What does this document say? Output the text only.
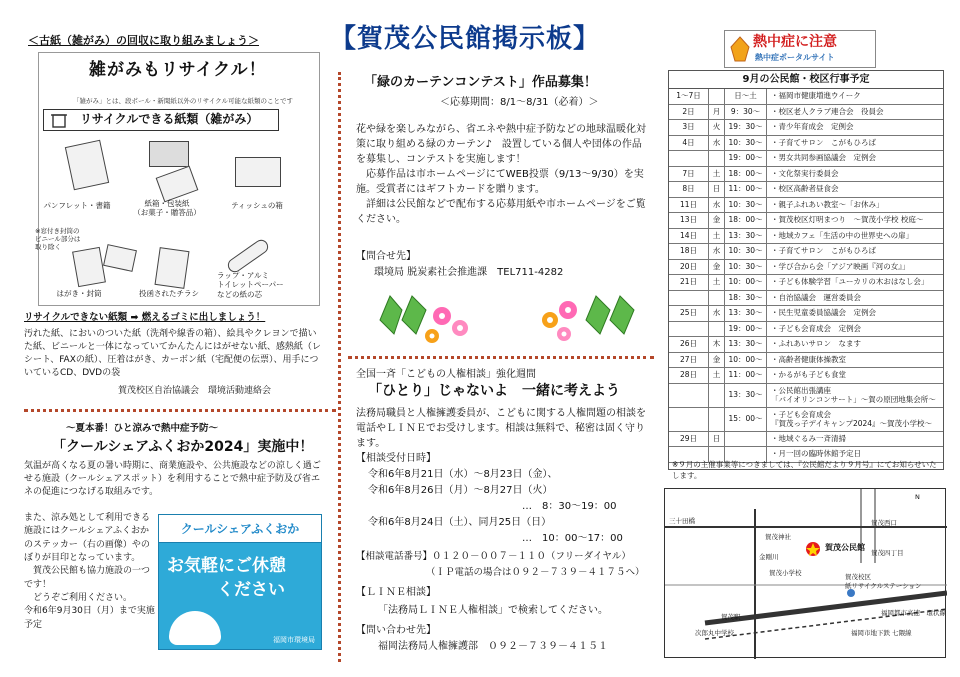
＜古紙（雑がみ）の回収に取り組みましょう＞
雑がみもリサイクル！
「雑がみ」とは、段ボール・新聞紙以外のリサイクル可能な紙類のことです
リサイクルできる紙類（雑がみ）
パンフレット・書籍	紙箱・包装紙
（お菓子・贈答品）
ティッシュの箱
※窓付き封筒の
ビニール部分は
取り除く
はがき・封筒	投函されたチラシ
ラップ・アルミ
トイレットペーパー
などの紙の芯
リサイクルできない紙類 ➡ 燃えるゴミに出しましょう！
汚れた紙、においのついた紙（洗剤や線香の箱）、絵具やクレヨンで描いた紙、ビニールと一体になっていてかんたんにはがせない紙、感熱紙（レシート、FAXの紙）、圧着はがき、カーボン紙（宅配便の伝票）、用手についているCD、DVDの袋
賀茂校区自治協議会　環境活動連絡会
～夏本番！ひと涼みで熱中症予防～
「クールシェアふくおか2024」実施中！
気温が高くなる夏の暑い時期に、商業施設や、公共施設などの涼しく過ごせる施設（クールシェアスポット）を利用することで熱中症予防及び省エネの促進につなげる取組みです。
また、涼み処として利用できる施設にはクールシェアふくおかのステッカー（右の画像）やのぼりが目印となっています。
　賀茂公民館も協力施設の一つです！
　どうぞご利用ください。
令和6年9月30日（月）まで実施予定
クールシェアふくおか
お気軽にご休憩
ください
福岡市環境局
【賀茂公民館掲示板】
「緑のカーテンコンテスト」作品募集！
＜応募期間：8/1～8/31（必着）＞
花や緑を楽しみながら、省エネや熱中症予防などの地球温暖化対策に取り組める緑のカーテン♪　設置している個人や団体の作品を募集し、コンテストを実施します！
　応募作品は市ホームページにてWEB投票（9/13～9/30）を実施。受賞者にはギフトカードを贈ります。
　詳細は公民館などで配布する応募用紙や市ホームページをご覧ください。
【問合せ先】
環境局 脱炭素社会推進課　TEL711-4282
全国一斉「こどもの人権相談」強化週間
「ひとり」じゃないよ　一緒に考えよう
法務局職員と人権擁護委員が、こどもに関する人権問題の相談を電話やＬＩＮＥでお受けします。相談は無料で、秘密は固く守ります。
【相談受付日時】
令和6年8月21日（水）～8月23日（金）、
令和6年8月26日（月）～8月27日（火）
…　8：30～19：00
令和6年8月24日（土）、同月25日（日）
…　10：00～17：00
【相談電話番号】０１２０－００７－１１０（フリーダイヤル）
（ＩＰ電話の場合は０９２－７３９－４１７５へ）
【ＬＩＮＥ相談】
「法務局ＬＩＮＥ人権相談」で検索してください。
【問い合わせ先】
福岡法務局人権擁護部　０９２－７３９－４１５１
熱中症に注意
熱中症ポータルサイト
9月の公民館・校区行事予定
1～7日	日～土	・福岡市健康増進ウイーク
2日	月	9：30～	・校区老人クラブ連合会　役員会
3日	火	19：30～	・青少年育成会　定例会
4日	水	10：30～	・子育てサロン　こがもひろば
19：00～	・男女共同参画協議会　定例会
7日	土	18：00～	・文化祭実行委員会
8日	日	11：00～	・校区高齢者昼食会
11日	水	10：30～	・親子ふれあい教室～「お休み」
13日	金	18：00～	・賀茂校区灯明まつり　～賀茂小学校 校庭～
14日	土	13：30～	・地域カフェ「生活の中の世界史への扉」
18日	水	10：30～	・子育てサロン　こがもひろば
20日	金	10：30～	・学び合から会「アジア映画『河の女』」
21日	土	10：00～	・子ども体験学習「ユーカリの木おはなし会」
18：30～	・自治協議会　運営委員会
25日	水	13：30～	・民生児童委員協議会　定例会
19：00～	・子ども会育成会　定例会
26日	木	13：30～	・ふれあいサロン　なます
27日	金	10：00～	・高齢者健康体操教室
28日	土	11：00～	・かるがも子ども食堂
13：30～	・公民館出張講座
「バイオリンコンサート」～賀の原団地集会所～
15：00～	・子ども会育成会
『賀茂っ子デイキャンプ2024』～賀茂小学校～
29日	日	・地域ぐるみ一斉清掃
・月一回の臨時休館予定日
※９月の主催事業等につきましては、『公民館だより９月号』にてお知らせいたします。
三十田橋	賀茂西口
賀茂神社
金剛川
賀茂公民館
賀茂小学校
賀茂四丁目
賀茂校区
紙リサイクルステーション
賀茂駅
次郎丸中学校
福岡都市高速　環状線
福岡市地下鉄 七隈線
N
